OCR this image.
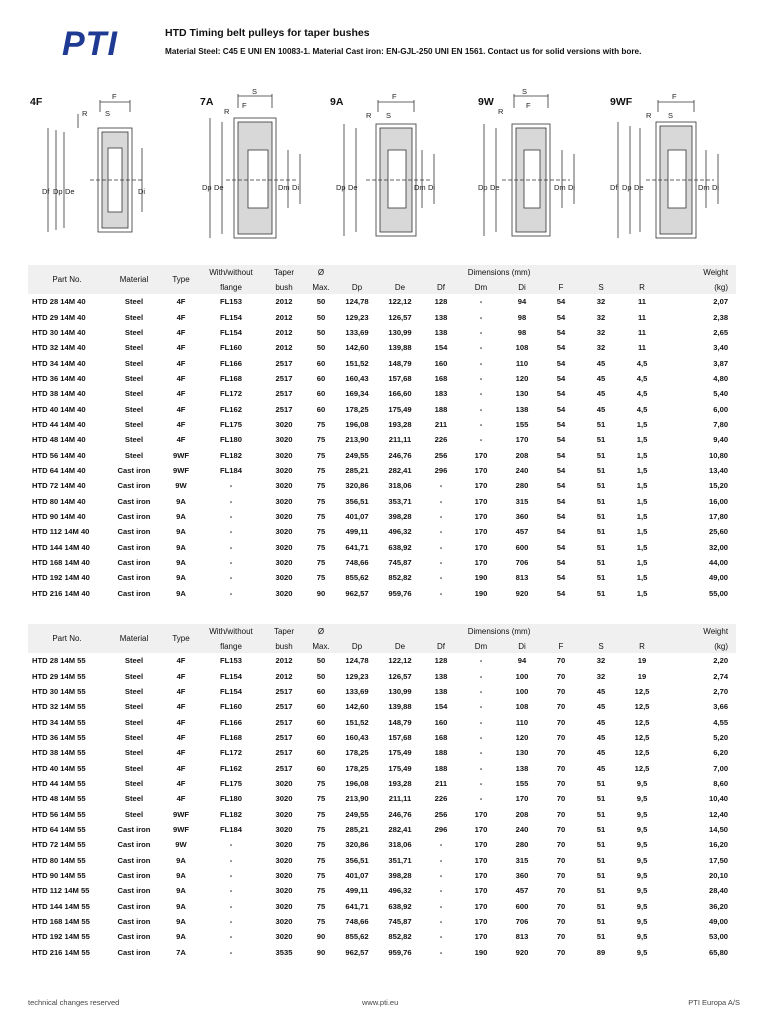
PTI	HTD Timing belt pulleys for taper bushes
Material Steel: C45 E UNI EN 10083-1. Material Cast iron: EN-GJL-250 UNI EN 1561. Contact us for solid versions with bore.
4F	F
R S
Df Dp De	Di
7A
S
R
F
Dp De	Dm Di
9A	F
R S
Dp De	Dm Di
9W
S
R
F
Dp De	Dm Di
9WF	F
R S
Df Dp De	Dm Di
Part No.	Material	Type	With/without	Taper	Ø	Dimensions (mm)								Weight
			flange	bush	Max.	Dp	De	Df	Dm	Di	F	S	R	(kg)
HTD 28 14M 40	Steel	4F	FL153	2012	50	124,78	122,12	128	-	94	54	32	11	2,07
HTD 29 14M 40	Steel	4F	FL154	2012	50	129,23	126,57	138	-	98	54	32	11	2,38
HTD 30 14M 40	Steel	4F	FL154	2012	50	133,69	130,99	138	-	98	54	32	11	2,65
HTD 32 14M 40	Steel	4F	FL160	2012	50	142,60	139,88	154	-	108	54	32	11	3,40
HTD 34 14M 40	Steel	4F	FL166	2517	60	151,52	148,79	160	-	110	54	45	4,5	3,87
HTD 36 14M 40	Steel	4F	FL168	2517	60	160,43	157,68	168	-	120	54	45	4,5	4,80
HTD 38 14M 40	Steel	4F	FL172	2517	60	169,34	166,60	183	-	130	54	45	4,5	5,40
HTD 40 14M 40	Steel	4F	FL162	2517	60	178,25	175,49	188	-	138	54	45	4,5	6,00
HTD 44 14M 40	Steel	4F	FL175	3020	75	196,08	193,28	211	-	155	54	51	1,5	7,80
HTD 48 14M 40	Steel	4F	FL180	3020	75	213,90	211,11	226	-	170	54	51	1,5	9,40
HTD 56 14M 40	Steel	9WF	FL182	3020	75	249,55	246,76	256	170	208	54	51	1,5	10,80
HTD 64 14M 40	Cast iron	9WF	FL184	3020	75	285,21	282,41	296	170	240	54	51	1,5	13,40
HTD 72 14M 40	Cast iron	9W	-	3020	75	320,86	318,06	-	170	280	54	51	1,5	15,20
HTD 80 14M 40	Cast iron	9A	-	3020	75	356,51	353,71	-	170	315	54	51	1,5	16,00
HTD 90 14M 40	Cast iron	9A	-	3020	75	401,07	398,28	-	170	360	54	51	1,5	17,80
HTD 112 14M 40	Cast iron	9A	-	3020	75	499,11	496,32	-	170	457	54	51	1,5	25,60
HTD 144 14M 40	Cast iron	9A	-	3020	75	641,71	638,92	-	170	600	54	51	1,5	32,00
HTD 168 14M 40	Cast iron	9A	-	3020	75	748,66	745,87	-	170	706	54	51	1,5	44,00
HTD 192 14M 40	Cast iron	9A	-	3020	75	855,62	852,82	-	190	813	54	51	1,5	49,00
HTD 216 14M 40	Cast iron	9A	-	3020	90	962,57	959,76	-	190	920	54	51	1,5	55,00
Part No.	Material	Type	With/without	Taper	Ø	Dimensions (mm)								Weight
			flange	bush	Max.	Dp	De	Df	Dm	Di	F	S	R	(kg)
HTD 28 14M 55	Steel	4F	FL153	2012	50	124,78	122,12	128	-	94	70	32	19	2,20
HTD 29 14M 55	Steel	4F	FL154	2012	50	129,23	126,57	138	-	100	70	32	19	2,74
HTD 30 14M 55	Steel	4F	FL154	2517	60	133,69	130,99	138	-	100	70	45	12,5	2,70
HTD 32 14M 55	Steel	4F	FL160	2517	60	142,60	139,88	154	-	108	70	45	12,5	3,66
HTD 34 14M 55	Steel	4F	FL166	2517	60	151,52	148,79	160	-	110	70	45	12,5	4,55
HTD 36 14M 55	Steel	4F	FL168	2517	60	160,43	157,68	168	-	120	70	45	12,5	5,20
HTD 38 14M 55	Steel	4F	FL172	2517	60	178,25	175,49	188	-	130	70	45	12,5	6,20
HTD 40 14M 55	Steel	4F	FL162	2517	60	178,25	175,49	188	-	138	70	45	12,5	7,00
HTD 44 14M 55	Steel	4F	FL175	3020	75	196,08	193,28	211	-	155	70	51	9,5	8,60
HTD 48 14M 55	Steel	4F	FL180	3020	75	213,90	211,11	226	-	170	70	51	9,5	10,40
HTD 56 14M 55	Steel	9WF	FL182	3020	75	249,55	246,76	256	170	208	70	51	9,5	12,40
HTD 64 14M 55	Cast iron	9WF	FL184	3020	75	285,21	282,41	296	170	240	70	51	9,5	14,50
HTD 72 14M 55	Cast iron	9W	-	3020	75	320,86	318,06	-	170	280	70	51	9,5	16,20
HTD 80 14M 55	Cast iron	9A	-	3020	75	356,51	351,71	-	170	315	70	51	9,5	17,50
HTD 90 14M 55	Cast iron	9A	-	3020	75	401,07	398,28	-	170	360	70	51	9,5	20,10
HTD 112 14M 55	Cast iron	9A	-	3020	75	499,11	496,32	-	170	457	70	51	9,5	28,40
HTD 144 14M 55	Cast iron	9A	-	3020	75	641,71	638,92	-	170	600	70	51	9,5	36,20
HTD 168 14M 55	Cast iron	9A	-	3020	75	748,66	745,87	-	170	706	70	51	9,5	49,00
HTD 192 14M 55	Cast iron	9A	-	3020	90	855,62	852,82	-	170	813	70	51	9,5	53,00
HTD 216 14M 55	Cast iron	7A	-	3535	90	962,57	959,76	-	190	920	70	89	9,5	65,80
technical changes reserved	www.pti.eu	PTI Europa A/S
